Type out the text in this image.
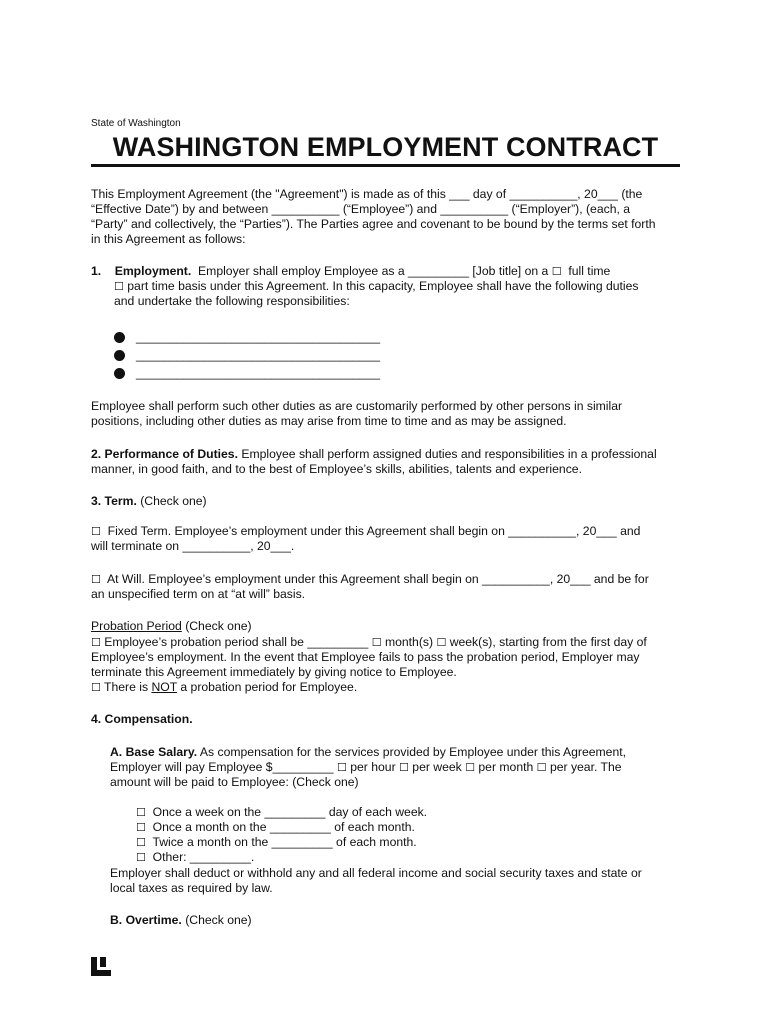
State of Washington
WASHINGTON EMPLOYMENT CONTRACT

This Employment Agreement (the "Agreement") is made as of this ___ day of __________, 20___ (the

“Effective Date”) by and between __________ (“Employee”) and __________ (“Employer”), (each, a

“Party” and collectively, the “Parties”). The Parties agree and covenant to be bound by the terms set forth

in this Agreement as follows:

1. Employment. Employer shall employ Employee as a _________ [Job title] on a ☐ full time

☐ part time basis under this Agreement. In this capacity, Employee shall have the following duties

and undertake the following responsibilities:

____________________________________
____________________________________
____________________________________

Employee shall perform such other duties as are customarily performed by other persons in similar

positions, including other duties as may arise from time to time and as may be assigned.

2. Performance of Duties. Employee shall perform assigned duties and responsibilities in a professional

manner, in good faith, and to the best of Employee’s skills, abilities, talents and experience.

3. Term. (Check one)

☐ Fixed Term. Employee’s employment under this Agreement shall begin on __________, 20___ and

will terminate on __________, 20___.

☐ At Will. Employee’s employment under this Agreement shall begin on __________, 20___ and be for

an unspecified term on at “at will” basis.

Probation Period (Check one)

☐ Employee’s probation period shall be _________ ☐ month(s) ☐ week(s), starting from the first day of

Employee’s employment. In the event that Employee fails to pass the probation period, Employer may

terminate this Agreement immediately by giving notice to Employee.

☐ There is NOT a probation period for Employee.

4. Compensation.

A. Base Salary. As compensation for the services provided by Employee under this Agreement,

Employer will pay Employee $_________ ☐ per hour ☐ per week ☐ per month ☐ per year. The

amount will be paid to Employee: (Check one)

☐ Once a week on the _________ day of each week.

☐ Once a month on the _________ of each month.

☐ Twice a month on the _________ of each month.

☐ Other: _________.

Employer shall deduct or withhold any and all federal income and social security taxes and state or

local taxes as required by law.

B. Overtime. (Check one)
